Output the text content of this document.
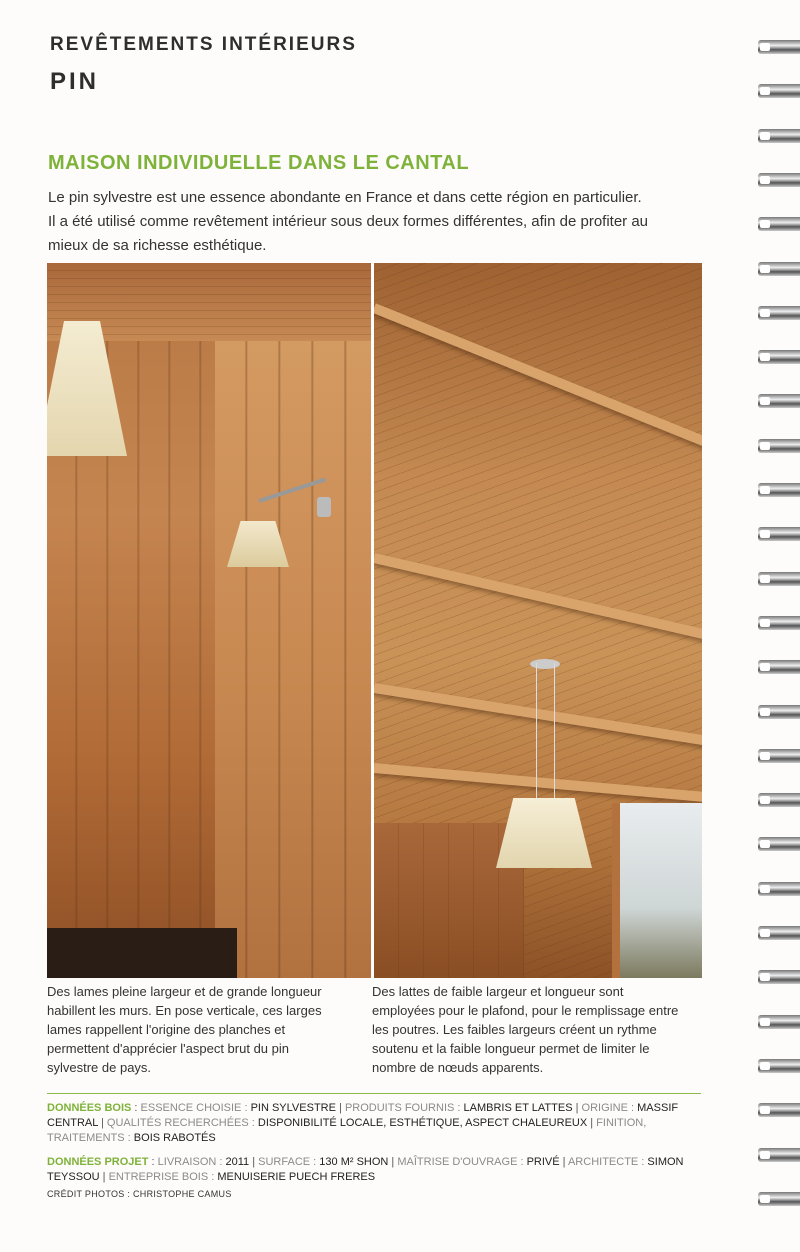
REVÊTEMENTS INTÉRIEURS
PIN
MAISON INDIVIDUELLE DANS LE CANTAL
Le pin sylvestre est une essence abondante en France et dans cette région en particulier.
Il a été utilisé comme revêtement intérieur sous deux formes différentes, afin de profiter au
mieux de sa richesse esthétique.
Des lames pleine largeur et de grande longueur
habillent les murs. En pose verticale, ces larges
lames rappellent l'origine des planches et
permettent d'apprécier l'aspect brut du pin
sylvestre de pays.
Des lattes de faible largeur et longueur sont
employées pour le plafond, pour le remplissage entre
les poutres. Les faibles largeurs créent un rythme
soutenu et la faible longueur permet de limiter le
nombre de nœuds apparents.
DONNÉES BOIS : ESSENCE CHOISIE : PIN SYLVESTRE | PRODUITS FOURNIS : LAMBRIS ET LATTES | ORIGINE : MASSIF CENTRAL | QUALITÉS RECHERCHÉES : DISPONIBILITÉ LOCALE, ESTHÉTIQUE, ASPECT CHALEUREUX | FINITION, TRAITEMENTS : BOIS RABOTÉS
DONNÉES PROJET : LIVRAISON : 2011 | SURFACE : 130 M² SHON | MAÎTRISE D'OUVRAGE : PRIVÉ | ARCHITECTE : SIMON TEYSSOU | ENTREPRISE BOIS : MENUISERIE PUECH FRERES
CRÉDIT PHOTOS : CHRISTOPHE CAMUS
